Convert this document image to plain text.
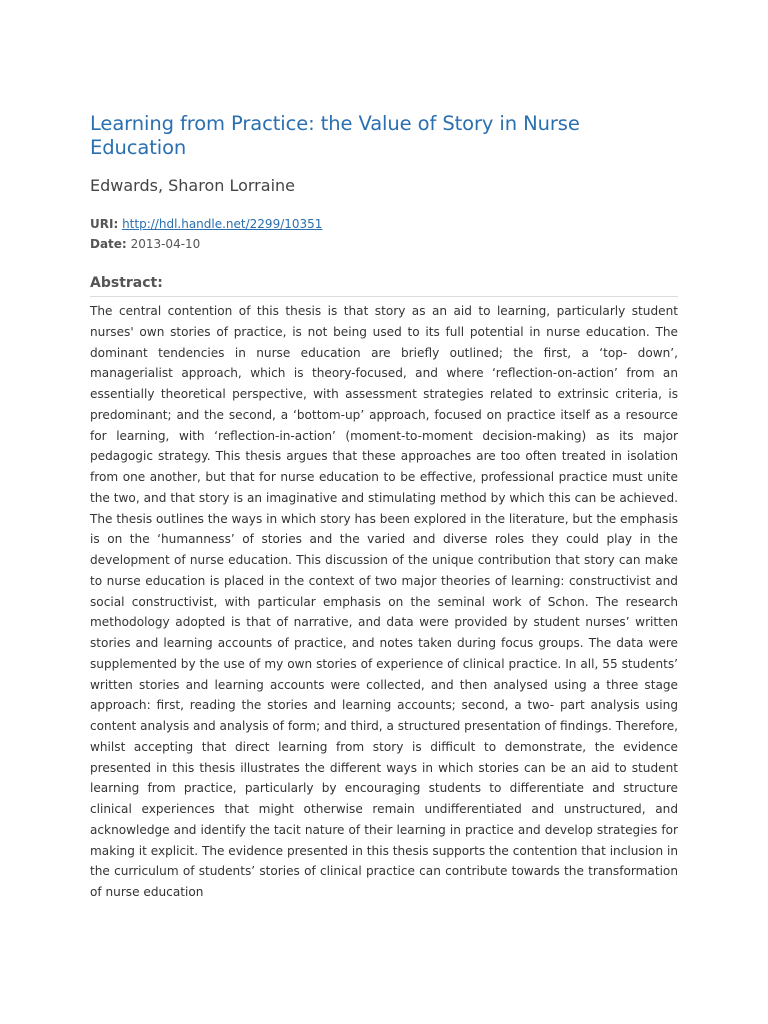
Learning from Practice: the Value of Story in Nurse Education
Edwards, Sharon Lorraine
URI: http://hdl.handle.net/2299/10351
Date: 2013-04-10
Abstract:

The central contention of this thesis is that story as an aid to learning, particularly student nurses' own stories of practice, is not being used to its full potential in nurse education. The dominant tendencies in nurse education are briefly outlined; the first, a ‘top- down’, managerialist approach, which is theory-focused, and where ‘reflection-on-action’ from an essentially theoretical perspective, with assessment strategies related to extrinsic criteria, is predominant; and the second, a ‘bottom-up’ approach, focused on practice itself as a resource for learning, with ‘reflection-in-action’ (moment-to-moment decision-making) as its major pedagogic strategy. This thesis argues that these approaches are too often treated in isolation from one another, but that for nurse education to be effective, professional practice must unite the two, and that story is an imaginative and stimulating method by which this can be achieved. The thesis outlines the ways in which story has been explored in the literature, but the emphasis is on the ‘humanness’ of stories and the varied and diverse roles they could play in the development of nurse education. This discussion of the unique contribution that story can make to nurse education is placed in the context of two major theories of learning: constructivist and social constructivist, with particular emphasis on the seminal work of Schon. The research methodology adopted is that of narrative, and data were provided by student nurses’ written stories and learning accounts of practice, and notes taken during focus groups. The data were supplemented by the use of my own stories of experience of clinical practice. In all, 55 students’ written stories and learning accounts were collected, and then analysed using a three stage approach: first, reading the stories and learning accounts; second, a two- part analysis using content analysis and analysis of form; and third, a structured presentation of findings. Therefore, whilst accepting that direct learning from story is difficult to demonstrate, the evidence presented in this thesis illustrates the different ways in which stories can be an aid to student learning from practice, particularly by encouraging students to differentiate and structure clinical experiences that might otherwise remain undifferentiated and unstructured, and acknowledge and identify the tacit nature of their learning in practice and develop strategies for making it explicit. The evidence presented in this thesis supports the contention that inclusion in the curriculum of students’ stories of clinical practice can contribute towards the transformation of nurse education
